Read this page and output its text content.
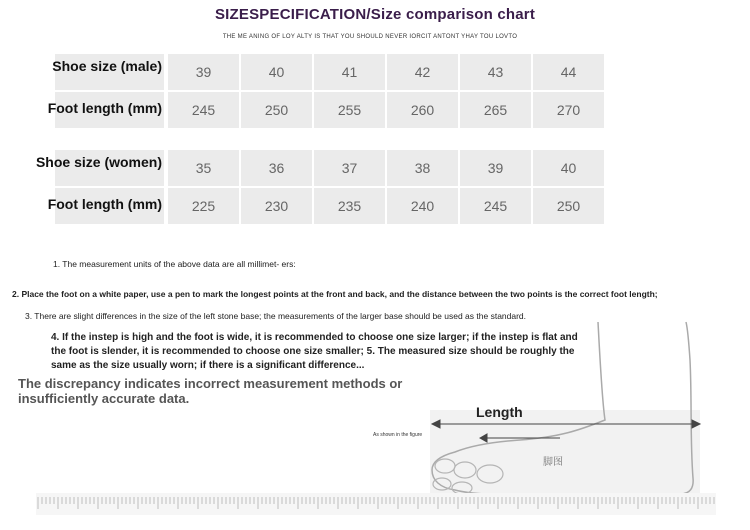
SIZESPECIFICATION/Size comparison chart
THE ME ANING OF LOY ALTY IS THAT YOU SHOULD NEVER IORCIT ANTONT YHAY TOU LOVTO
Shoe size (male)	39	40	41	42	43	44
Foot length (mm)	245	250	255	260	265	270
Shoe size (women)	35	36	37	38	39	40
Foot length (mm)	225	230	235	240	245	250
Length
As shown in the figure
脚图
1. The measurement units of the above data are all millimet- ers:
2. Place the foot on a white paper, use a pen to mark the longest points at the front and back, and the distance between the two points is the correct foot length;
3. There are slight differences in the size of the left stone base; the measurements of the larger base should be used as the standard.
4. If the instep is high and the foot is wide, it is recommended to choose one size larger; if the instep is flat and the foot is slender, it is recommended to choose one size smaller; 5. The measured size should be roughly the same as the size usually worn; if there is a significant difference...
The discrepancy indicates incorrect measurement methods or insufficiently accurate data.
